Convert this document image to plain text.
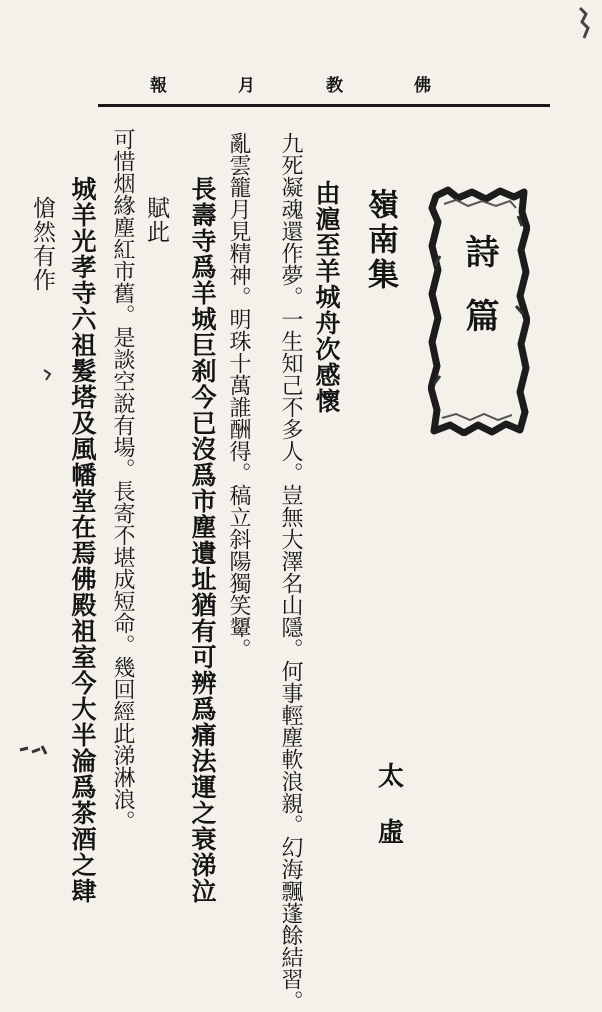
佛
教
月
報
詩篇
嶺南集
由滬至羊城舟次感懷
九死凝魂還作夢。一生知己不多人。豈無大澤名山隱。何事輕塵軟浪親。幻海飄蓬餘結習。
亂雲籠月見精神。明珠十萬誰酬得。稿立斜陽獨笑顰。
長壽寺爲羊城巨刹今已沒爲市塵遺址猶有可辨爲痛法運之衰涕泣
賦此
可惜烟緣塵紅市舊。是談空說有場。長寄不堪成短命。幾回經此涕淋浪。
城羊光孝寺六祖髮塔及風幡堂在焉佛殿祖室今大半淪爲茶酒之肆
愴然有作
太
虛
